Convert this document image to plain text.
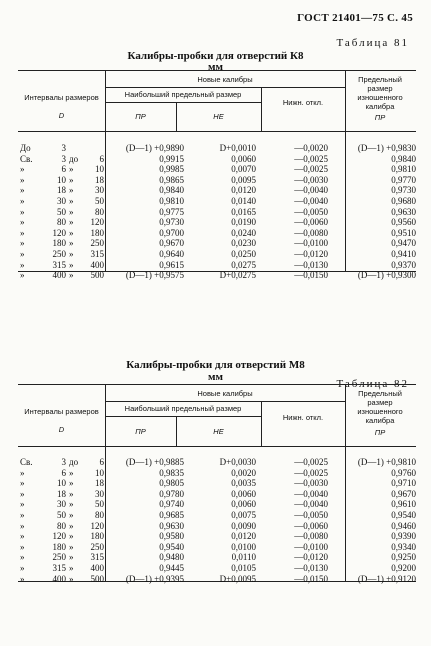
ГОСТ 21401—75 С. 45
Таблица 81
Калибры-пробки для отверстий К8
мм
Интервалы размеров
D
Новые калибры
Наибольший предельный размер
ПР	НЕ
Нижн. откл.
Предельный размер изношенного калибра
ПР
До	3	(D—1) +0,9890	D+0,0010	—0,0020	(D—1) +0,9830
Св.	3 до	6	0,9915	0,0060	—0,0025	0,9840
»	6 »	10	0,9985	0,0070	—0,0025	0,9810
»	10 »	18	0,9865	0,0095	—0,0030	0,9770
»	18 »	30	0,9840	0,0120	—0,0040	0,9730
»	30 »	50	0,9810	0,0140	—0,0040	0,9680
»	50 »	80	0,9775	0,0165	—0,0050	0,9630
»	80 »	120	0,9730	0,0190	—0,0060	0,9560
»	120 »	180	0,9700	0,0240	—0,0080	0,9510
»	180 »	250	0,9670	0,0230	—0,0100	0,9470
»	250 »	315	0,9640	0,0250	—0,0120	0,9410
»	315 »	400	0,9615	0,0275	—0,0130	0,9370
»	400 »	500	(D—1) +0,9575	D+0,0275	—0,0150	(D—1) +0,9300
Таблица 82
Калибры-пробки для отверстий М8
мм
Интервалы размеров
D
Новые калибры
Наибольший предельный размер
ПР	НЕ
Нижн. откл.
Предельный размер изношенного калибра
ПР
Св.	3 до	6	(D—1) +0,9885	D+0,0030	—0,0025	(D—1) +0,9810
»	6 »	10	0,9835	0,0020	—0,0025	0,9760
»	10 »	18	0,9805	0,0035	—0,0030	0,9710
»	18 »	30	0,9780	0,0060	—0,0040	0,9670
»	30 »	50	0,9740	0,0060	—0,0040	0,9610
»	50 »	80	0,9685	0,0075	—0,0050	0,9540
»	80 »	120	0,9630	0,0090	—0,0060	0,9460
»	120 »	180	0,9580	0,0120	—0,0080	0,9390
»	180 »	250	0,9540	0,0100	—0,0100	0,9340
»	250 »	315	0,9480	0,0110	—0,0120	0,9250
»	315 »	400	0,9445	0,0105	—0,0130	0,9200
»	400 »	500	(D—1) +0,9395	D+0,0095	—0,0150	(D—1) +0,9120
